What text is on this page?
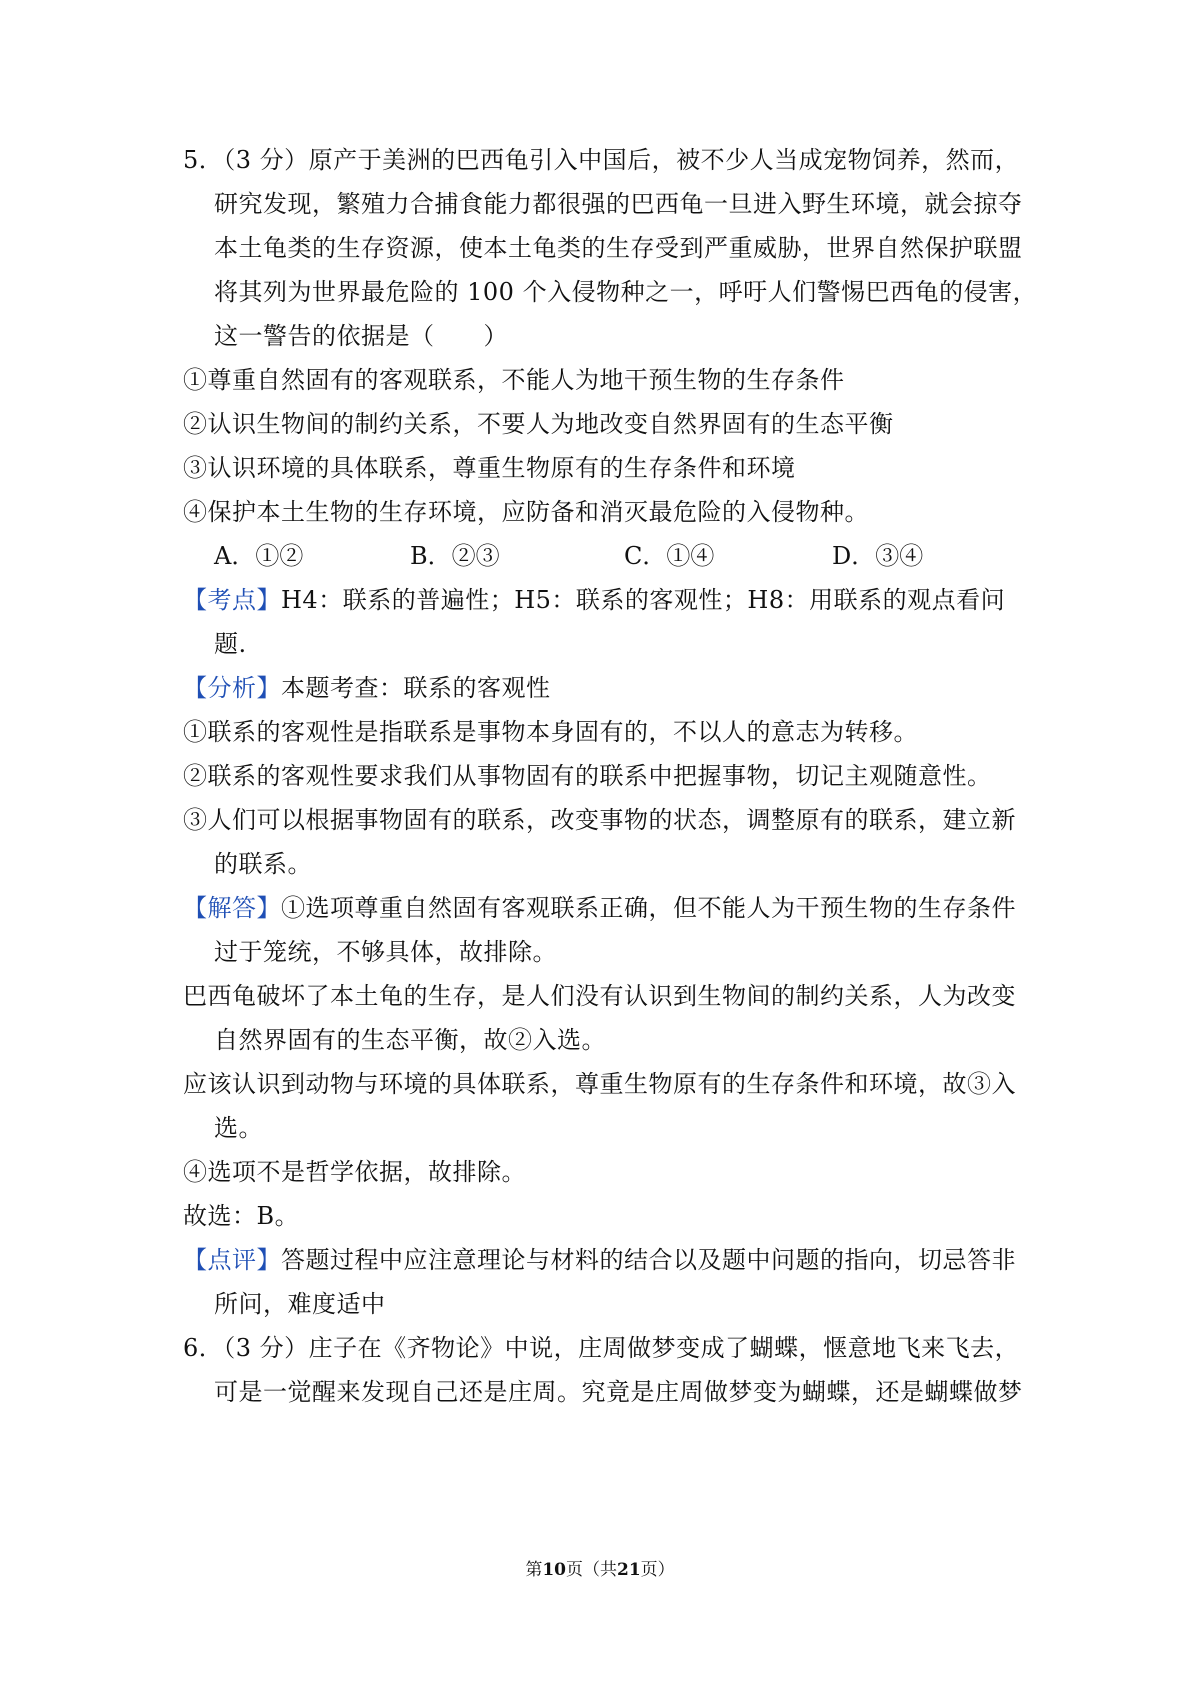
5．（3 分）原产于美洲的巴西龟引入中国后，被不少人当成宠物饲养，然而，
研究发现，繁殖力合捕食能力都很强的巴西龟一旦进入野生环境，就会掠夺
本土龟类的生存资源，使本土龟类的生存受到严重威胁，世界自然保护联盟
将其列为世界最危险的 100 个入侵物种之一，呼吁人们警惕巴西龟的侵害，
这一警告的依据是（　　）
①尊重自然固有的客观联系，不能人为地干预生物的生存条件
②认识生物间的制约关系，不要人为地改变自然界固有的生态平衡
③认识环境的具体联系，尊重生物原有的生存条件和环境
④保护本土生物的生存环境，应防备和消灭最危险的入侵物种。
A．①②	B．②③	C．①④	D．③④
【考点】H4：联系的普遍性；H5：联系的客观性；H8：用联系的观点看问
题.
【分析】本题考查：联系的客观性
①联系的客观性是指联系是事物本身固有的，不以人的意志为转移。
②联系的客观性要求我们从事物固有的联系中把握事物，切记主观随意性。
③人们可以根据事物固有的联系，改变事物的状态，调整原有的联系，建立新
的联系。
【解答】①选项尊重自然固有客观联系正确，但不能人为干预生物的生存条件
过于笼统，不够具体，故排除。
巴西龟破坏了本土龟的生存，是人们没有认识到生物间的制约关系，人为改变
自然界固有的生态平衡，故②入选。
应该认识到动物与环境的具体联系，尊重生物原有的生存条件和环境，故③入
选。
④选项不是哲学依据，故排除。
故选：B。
【点评】答题过程中应注意理论与材料的结合以及题中问题的指向，切忌答非
所问，难度适中
6．（3 分）庄子在《齐物论》中说，庄周做梦变成了蝴蝶，惬意地飞来飞去，
可是一觉醒来发现自己还是庄周。究竟是庄周做梦变为蝴蝶，还是蝴蝶做梦
第10页（共21页）
